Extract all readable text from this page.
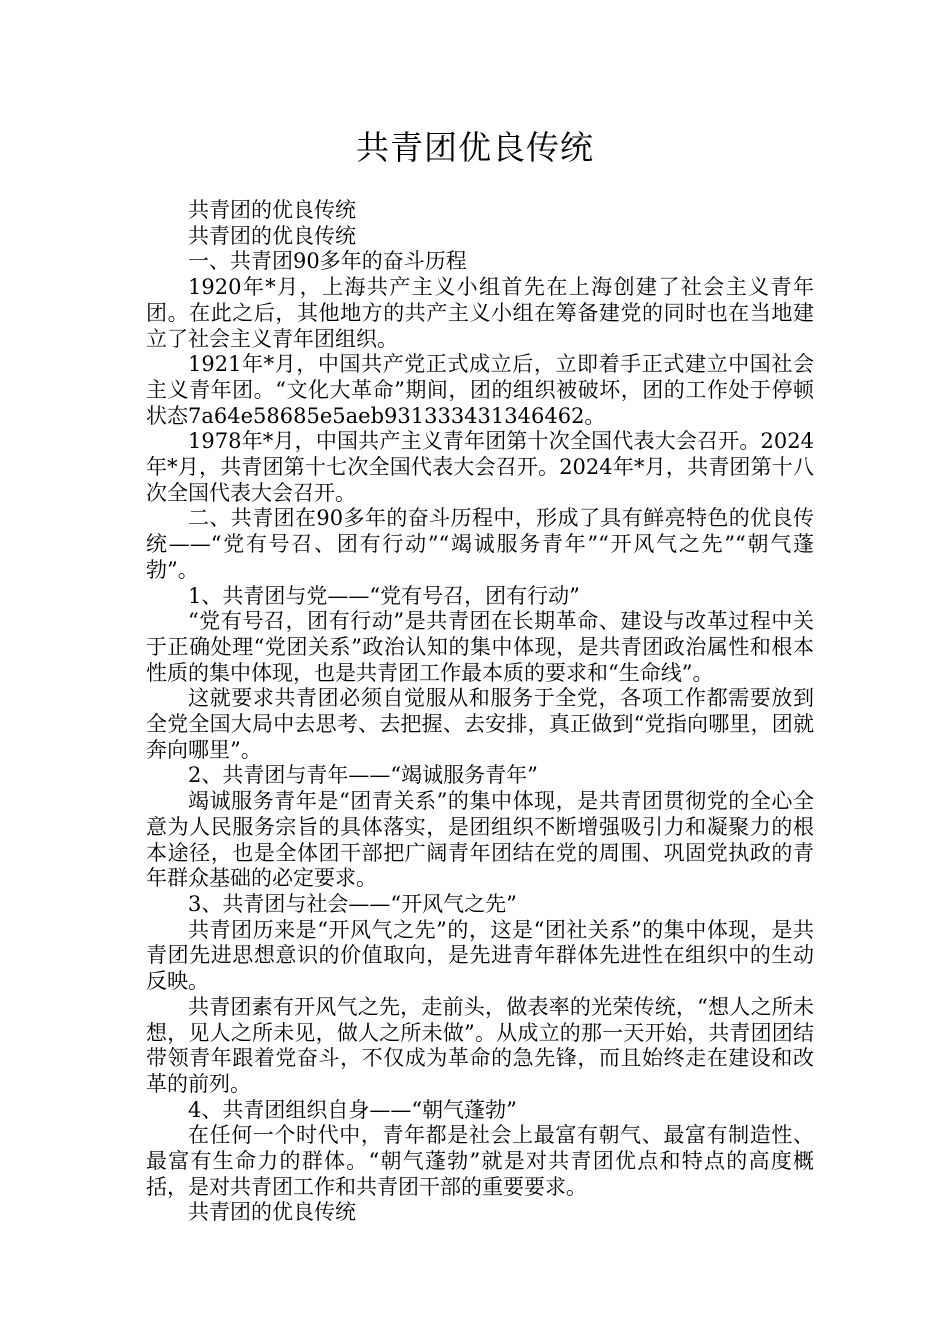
共青团优良传统

共青团的优良传统

共青团的优良传统

一、共青团90多年的奋斗历程

1920年*月，上海共产主义小组首先在上海创建了社会主义青年团。在此之后，其他地方的共产主义小组在筹备建党的同时也在当地建立了社会主义青年团组织。

1921年*月，中国共产党正式成立后，立即着手正式建立中国社会主义青年团。“文化大革命”期间，团的组织被破坏，团的工作处于停顿状态7a64e58685e5aeb931333431346462。

1978年*月，中国共产主义青年团第十次全国代表大会召开。2024年*月，共青团第十七次全国代表大会召开。2024年*月，共青团第十八次全国代表大会召开。

二、共青团在90多年的奋斗历程中，形成了具有鲜亮特色的优良传统——“党有号召、团有行动”“竭诚服务青年”“开风气之先”“朝气蓬勃”。

1、共青团与党——“党有号召，团有行动”

“党有号召，团有行动”是共青团在长期革命、建设与改革过程中关于正确处理“党团关系”政治认知的集中体现，是共青团政治属性和根本性质的集中体现，也是共青团工作最本质的要求和“生命线”。

这就要求共青团必须自觉服从和服务于全党，各项工作都需要放到全党全国大局中去思考、去把握、去安排，真正做到“党指向哪里，团就奔向哪里”。

2、共青团与青年——“竭诚服务青年”

竭诚服务青年是“团青关系”的集中体现，是共青团贯彻党的全心全意为人民服务宗旨的具体落实，是团组织不断增强吸引力和凝聚力的根本途径，也是全体团干部把广阔青年团结在党的周围、巩固党执政的青年群众基础的必定要求。

3、共青团与社会——“开风气之先”

共青团历来是“开风气之先”的，这是“团社关系”的集中体现，是共青团先进思想意识的价值取向，是先进青年群体先进性在组织中的生动反映。

共青团素有开风气之先，走前头，做表率的光荣传统，“想人之所未想，见人之所未见，做人之所未做”。从成立的那一天开始，共青团团结带领青年跟着党奋斗，不仅成为革命的急先锋，而且始终走在建设和改革的前列。

4、共青团组织自身——“朝气蓬勃”

在任何一个时代中，青年都是社会上最富有朝气、最富有制造性、最富有生命力的群体。“朝气蓬勃”就是对共青团优点和特点的高度概括，是对共青团工作和共青团干部的重要要求。

共青团的优良传统
